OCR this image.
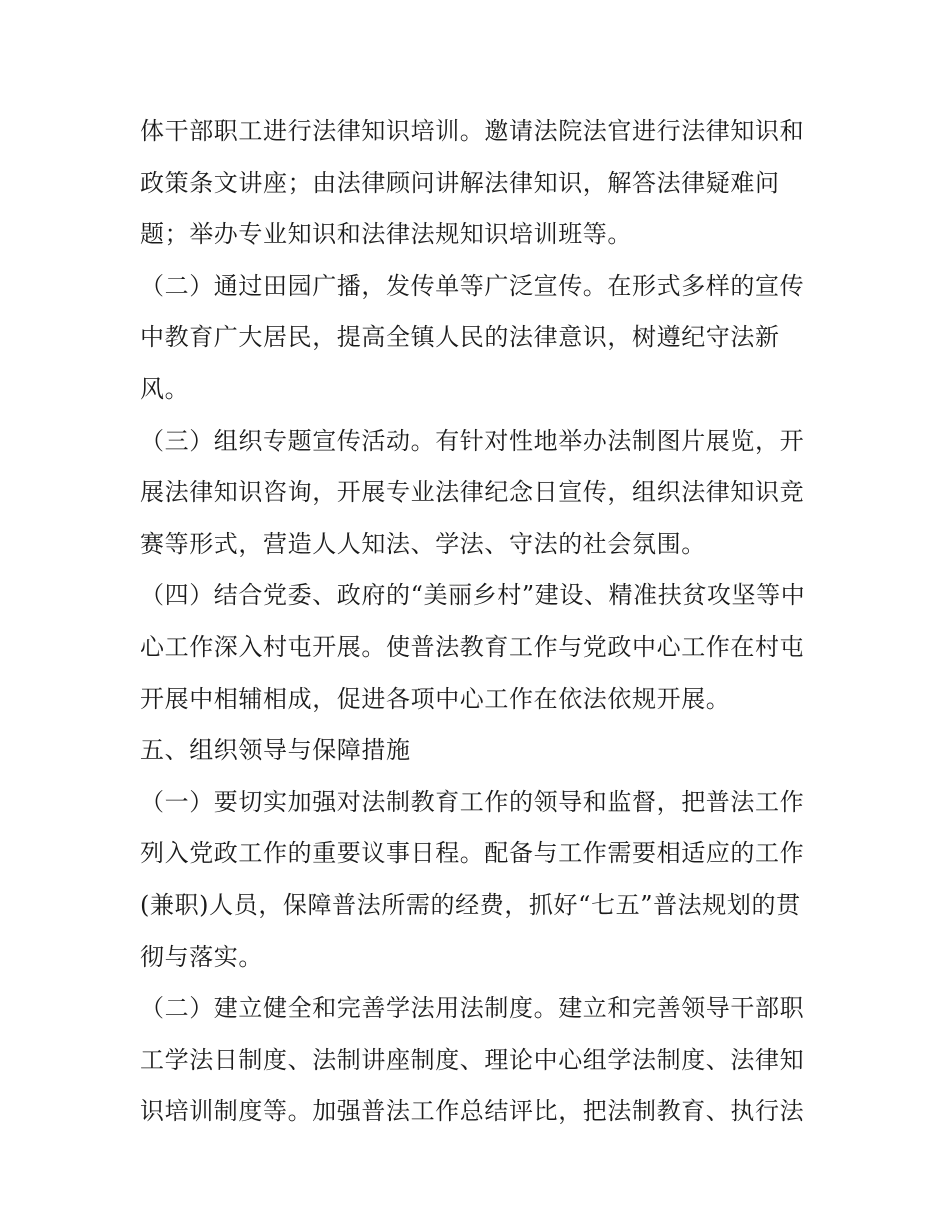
体干部职工进行法律知识培训。邀请法院法官进行法律知识和
政策条文讲座；由法律顾问讲解法律知识，解答法律疑难问
题；举办专业知识和法律法规知识培训班等。
（二）通过田园广播，发传单等广泛宣传。在形式多样的宣传
中教育广大居民，提高全镇人民的法律意识，树遵纪守法新
风。
（三）组织专题宣传活动。有针对性地举办法制图片展览，开
展法律知识咨询，开展专业法律纪念日宣传，组织法律知识竞
赛等形式，营造人人知法、学法、守法的社会氛围。
（四）结合党委、政府的“美丽乡村”建设、精准扶贫攻坚等中
心工作深入村屯开展。使普法教育工作与党政中心工作在村屯
开展中相辅相成，促进各项中心工作在依法依规开展。
五、组织领导与保障措施
（一）要切实加强对法制教育工作的领导和监督，把普法工作
列入党政工作的重要议事日程。配备与工作需要相适应的工作
(兼职)人员，保障普法所需的经费，抓好“七五”普法规划的贯
彻与落实。
（二）建立健全和完善学法用法制度。建立和完善领导干部职
工学法日制度、法制讲座制度、理论中心组学法制度、法律知
识培训制度等。加强普法工作总结评比，把法制教育、执行法
